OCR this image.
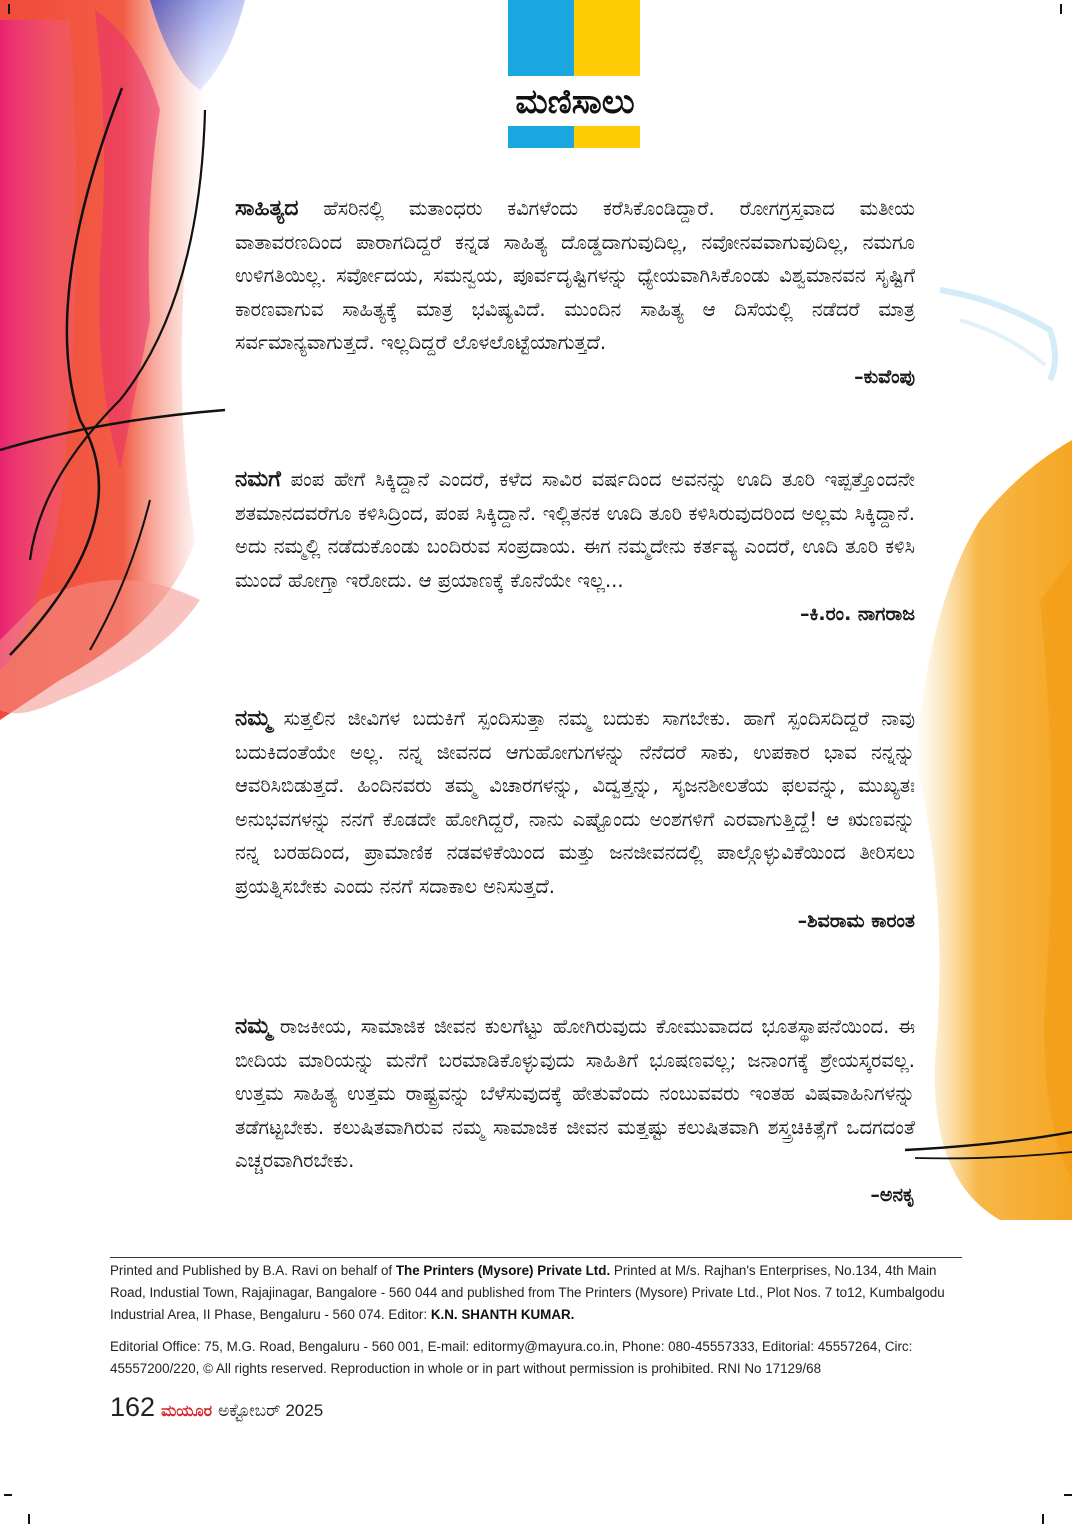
ಮಣಿಸಾಲು

ಸಾಹಿತ್ಯದ ಹೆಸರಿನಲ್ಲಿ ಮತಾಂಧರು ಕವಿಗಳೆಂದು ಕರೆಸಿಕೊಂಡಿದ್ದಾರೆ. ರೋಗಗ್ರಸ್ತವಾದ ಮತೀಯ ವಾತಾವರಣದಿಂದ ಪಾರಾಗದಿದ್ದರೆ ಕನ್ನಡ ಸಾಹಿತ್ಯ ದೊಡ್ಡದಾಗುವುದಿಲ್ಲ, ನವೋನವವಾಗುವುದಿಲ್ಲ, ನಮಗೂ ಉಳಿಗತಿಯಿಲ್ಲ. ಸರ್ವೋದಯ, ಸಮನ್ವಯ, ಪೂರ್ವದೃಷ್ಟಿಗಳನ್ನು ಧ್ಯೇಯವಾಗಿಸಿಕೊಂಡು ವಿಶ್ವಮಾನವನ ಸೃಷ್ಟಿಗೆ ಕಾರಣವಾಗುವ ಸಾಹಿತ್ಯಕ್ಕೆ ಮಾತ್ರ ಭವಿಷ್ಯವಿದೆ. ಮುಂದಿನ ಸಾಹಿತ್ಯ ಆ ದಿಸೆಯಲ್ಲಿ ನಡೆದರೆ ಮಾತ್ರ ಸರ್ವಮಾನ್ಯವಾಗುತ್ತದೆ. ಇಲ್ಲದಿದ್ದರೆ ಲೊಳಲೊಟ್ಟೆಯಾಗುತ್ತದೆ.

–ಕುವೆಂಪು

ನಮಗೆ ಪಂಪ ಹೇಗೆ ಸಿಕ್ಕಿದ್ದಾನೆ ಎಂದರೆ, ಕಳೆದ ಸಾವಿರ ವರ್ಷದಿಂದ ಅವನನ್ನು ಊದಿ ತೂರಿ ಇಪ್ಪತ್ತೊಂದನೇ ಶತಮಾನದವರೆಗೂ ಕಳಿಸಿದ್ರಿಂದ, ಪಂಪ ಸಿಕ್ಕಿದ್ದಾನೆ. ಇಲ್ಲಿತನಕ ಊದಿ ತೂರಿ ಕಳಿಸಿರುವುದರಿಂದ ಅಲ್ಲಮ ಸಿಕ್ಕಿದ್ದಾನೆ. ಅದು ನಮ್ಮಲ್ಲಿ ನಡೆದುಕೊಂಡು ಬಂದಿರುವ ಸಂಪ್ರದಾಯ. ಈಗ ನಮ್ಮದೇನು ಕರ್ತವ್ಯ ಎಂದರೆ, ಊದಿ ತೂರಿ ಕಳಿಸಿ ಮುಂದೆ ಹೋಗ್ತಾ ಇರೋದು. ಆ ಪ್ರಯಾಣಕ್ಕೆ ಕೊನೆಯೇ ಇಲ್ಲ...

–ಕಿ.ರಂ. ನಾಗರಾಜ

ನಮ್ಮ ಸುತ್ತಲಿನ ಜೀವಿಗಳ ಬದುಕಿಗೆ ಸ್ಪಂದಿಸುತ್ತಾ ನಮ್ಮ ಬದುಕು ಸಾಗಬೇಕು. ಹಾಗೆ ಸ್ಪಂದಿಸದಿದ್ದರೆ ನಾವು ಬದುಕಿದಂತೆಯೇ ಅಲ್ಲ. ನನ್ನ ಜೀವನದ ಆಗುಹೋಗುಗಳನ್ನು ನೆನೆದರೆ ಸಾಕು, ಉಪಕಾರ ಭಾವ ನನ್ನನ್ನು ಆವರಿಸಿಬಿಡುತ್ತದೆ. ಹಿಂದಿನವರು ತಮ್ಮ ವಿಚಾರಗಳನ್ನು, ವಿದ್ವತ್ತನ್ನು, ಸೃಜನಶೀಲತೆಯ ಫಲವನ್ನು, ಮುಖ್ಯತಃ ಅನುಭವಗಳನ್ನು ನನಗೆ ಕೊಡದೇ ಹೋಗಿದ್ದರೆ, ನಾನು ಎಷ್ಟೊಂದು ಅಂಶಗಳಿಗೆ ಎರವಾಗುತ್ತಿದ್ದೆ! ಆ ಋಣವನ್ನು ನನ್ನ ಬರಹದಿಂದ, ಪ್ರಾಮಾಣಿಕ ನಡವಳಿಕೆಯಿಂದ ಮತ್ತು ಜನಜೀವನದಲ್ಲಿ ಪಾಲ್ಗೊಳ್ಳುವಿಕೆಯಿಂದ ತೀರಿಸಲು ಪ್ರಯತ್ನಿಸಬೇಕು ಎಂದು ನನಗೆ ಸದಾಕಾಲ ಅನಿಸುತ್ತದೆ.

–ಶಿವರಾಮ ಕಾರಂತ

ನಮ್ಮ ರಾಜಕೀಯ, ಸಾಮಾಜಿಕ ಜೀವನ ಕುಲಗೆಟ್ಟು ಹೋಗಿರುವುದು ಕೋಮುವಾದದ ಭೂತಸ್ಥಾಪನೆಯಿಂದ. ಈ ಬೀದಿಯ ಮಾರಿಯನ್ನು ಮನೆಗೆ ಬರಮಾಡಿಕೊಳ್ಳುವುದು ಸಾಹಿತಿಗೆ ಭೂಷಣವಲ್ಲ; ಜನಾಂಗಕ್ಕೆ ಶ್ರೇಯಸ್ಕರವಲ್ಲ. ಉತ್ತಮ ಸಾಹಿತ್ಯ ಉತ್ತಮ ರಾಷ್ಟ್ರವನ್ನು ಬೆಳೆಸುವುದಕ್ಕೆ ಹೇತುವೆಂದು ನಂಬುವವರು ಇಂತಹ ವಿಷವಾಹಿನಿಗಳನ್ನು ತಡೆಗಟ್ಟಬೇಕು. ಕಲುಷಿತವಾಗಿರುವ ನಮ್ಮ ಸಾಮಾಜಿಕ ಜೀವನ ಮತ್ತಷ್ಟು ಕಲುಷಿತವಾಗಿ ಶಸ್ತ್ರಚಿಕಿತ್ಸೆಗೆ ಒದಗದಂತೆ ಎಚ್ಚರವಾಗಿರಬೇಕು.

–ಅನಕೃ

Printed and Published by B.A. Ravi on behalf of The Printers (Mysore) Private Ltd. Printed at M/s. Rajhan's Enterprises, No.134, 4th Main Road, Industial Town, Rajajinagar, Bangalore - 560 044 and published from The Printers (Mysore) Private Ltd., Plot Nos. 7 to12, Kumbalgodu Industrial Area, II Phase, Bengaluru - 560 074. Editor: K.N. SHANTH KUMAR.

Editorial Office: 75, M.G. Road, Bengaluru - 560 001, E-mail: editormy@mayura.co.in, Phone: 080-45557333, Editorial: 45557264, Circ: 45557200/220, © All rights reserved. Reproduction in whole or in part without permission is prohibited. RNI No 17129/68

162 ಮಯೂರ ಅಕ್ಟೋಬರ್ 2025
